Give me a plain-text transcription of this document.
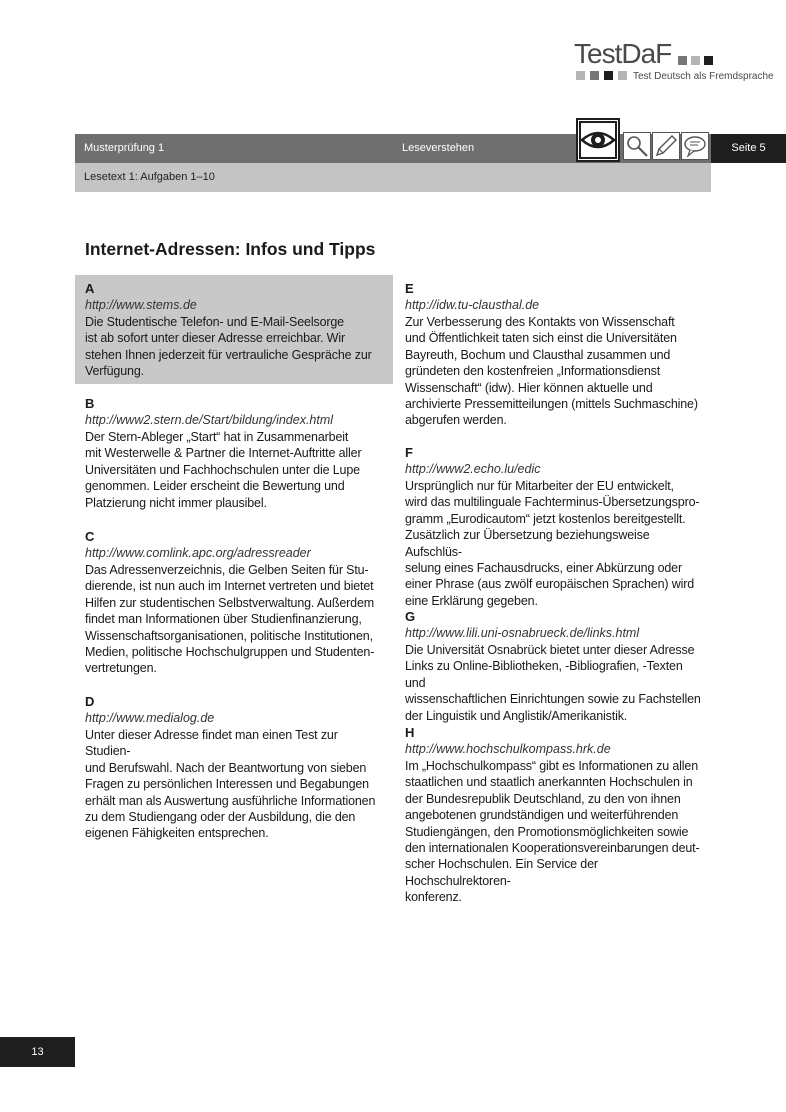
TestDaF
Test Deutsch als Fremdsprache
Musterprüfung 1	Leseverstehen	Seite 5
Lesetext 1: Aufgaben 1–10
Internet-Adressen: Infos und Tipps
A
http://www.stems.de
Die Studentische Telefon- und E-Mail-Seelsorge
ist ab sofort unter dieser Adresse erreichbar. Wir
stehen Ihnen jederzeit für vertrauliche Gespräche zur
Verfügung.
B
http://www2.stern.de/Start/bildung/index.html
Der Stern-Ableger „Start“ hat in Zusammenarbeit
mit Westerwelle & Partner die Internet-Auftritte aller
Universitäten und Fachhochschulen unter die Lupe
genommen. Leider erscheint die Bewertung und
Platzierung nicht immer plausibel.
C
http://www.comlink.apc.org/adressreader
Das Adressenverzeichnis, die Gelben Seiten für Stu-
dierende, ist nun auch im Internet vertreten und bietet
Hilfen zur studentischen Selbstverwaltung. Außerdem
findet man Informationen über Studienfinanzierung,
Wissenschaftsorganisationen, politische Institutionen,
Medien, politische Hochschulgruppen und Studenten-
vertretungen.
D
http://www.medialog.de
Unter dieser Adresse findet man einen Test zur Studien-
und Berufswahl. Nach der Beantwortung von sieben
Fragen zu persönlichen Interessen und Begabungen
erhält man als Auswertung ausführliche Informationen
zu dem Studiengang oder der Ausbildung, die den
eigenen Fähigkeiten entsprechen.
E
http://idw.tu-clausthal.de
Zur Verbesserung des Kontakts von Wissenschaft
und Öffentlichkeit taten sich einst die Universitäten
Bayreuth, Bochum und Clausthal zusammen und
gründeten den kostenfreien „Informationsdienst
Wissenschaft“ (idw). Hier können aktuelle und
archivierte Pressemitteilungen (mittels Suchmaschine)
abgerufen werden.
F
http://www2.echo.lu/edic
Ursprünglich nur für Mitarbeiter der EU entwickelt,
wird das multilinguale Fachterminus-Übersetzungspro-
gramm „Eurodicautom“ jetzt kostenlos bereitgestellt.
Zusätzlich zur Übersetzung beziehungsweise Aufschlüs-
selung eines Fachausdrucks, einer Abkürzung oder
einer Phrase (aus zwölf europäischen Sprachen) wird
eine Erklärung gegeben.
G
http://www.lili.uni-osnabrueck.de/links.html
Die Universität Osnabrück bietet unter dieser Adresse
Links zu Online-Bibliotheken, -Bibliografien, -Texten und
wissenschaftlichen Einrichtungen sowie zu Fachstellen
der Linguistik und Anglistik/Amerikanistik.
H
http://www.hochschulkompass.hrk.de
Im „Hochschulkompass“ gibt es Informationen zu allen
staatlichen und staatlich anerkannten Hochschulen in
der Bundesrepublik Deutschland, zu den von ihnen
angebotenen grundständigen und weiterführenden
Studiengängen, den Promotionsmöglichkeiten sowie
den internationalen Kooperationsvereinbarungen deut-
scher Hochschulen. Ein Service der Hochschulrektoren-
konferenz.
13
